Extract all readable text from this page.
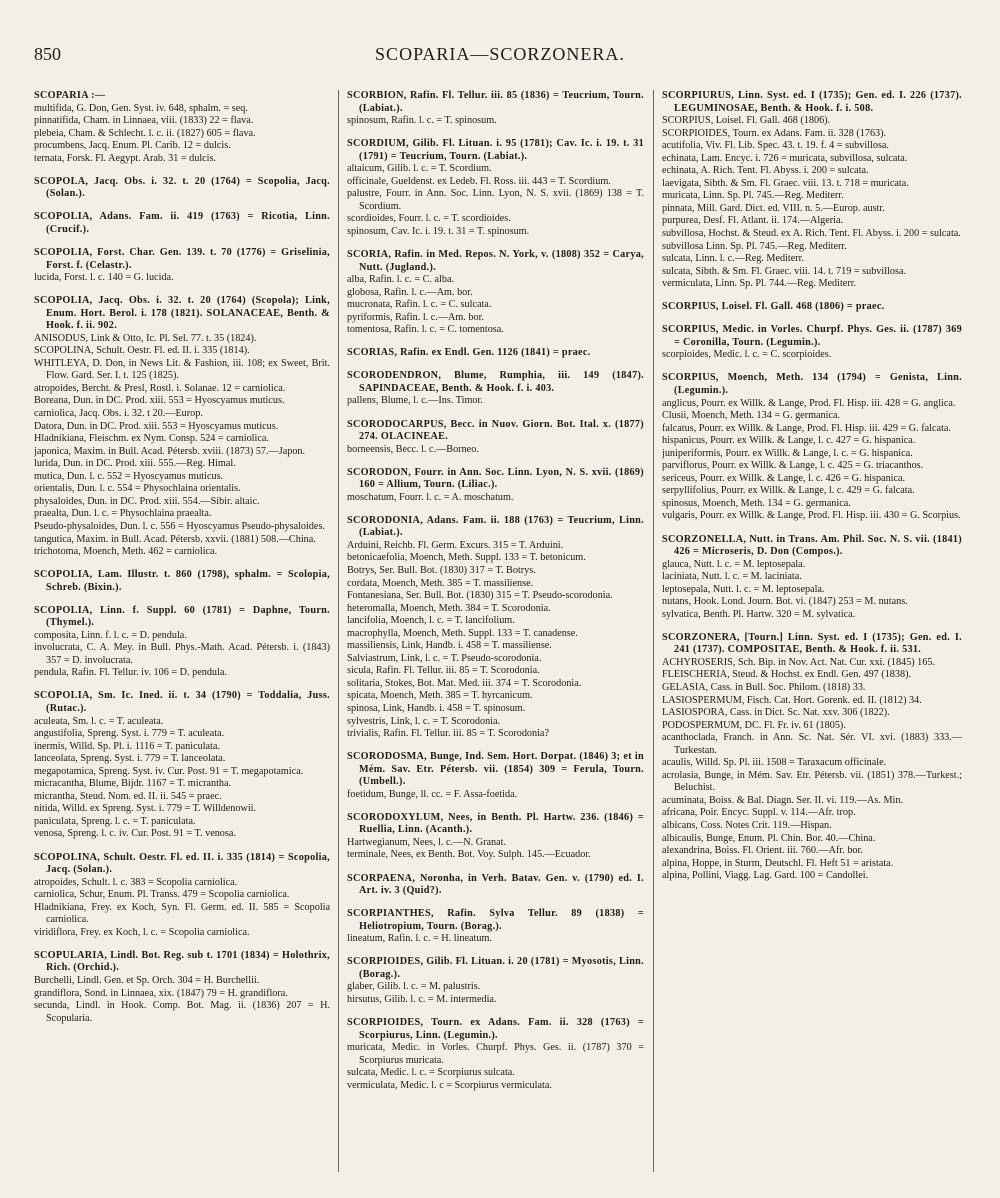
850	SCOPARIA—SCORZONERA.
SCOPARIA :—
multifida, G. Don, Gen. Syst. iv. 648, sphalm. = seq.
pinnatifida, Cham. in Linnaea, viii. (1833) 22 = flava.
plebeia, Cham. & Schlecht. l. c. ii. (1827) 605 = flava.
procumbens, Jacq. Enum. Pl. Carib. 12 = dulcis.
ternata, Forsk. Fl. Aegypt. Arab. 31 = dulcis.
SCOPOLA, Jacq. Obs. i. 32. t. 20 (1764) = Scopolia, Jacq. (Solan.).
SCOPOLIA, Adans. Fam. ii. 419 (1763) = Ricotia, Linn. (Crucif.).
SCOPOLIA, Forst. Char. Gen. 139. t. 70 (1776) = Griselinia, Forst. f. (Celastr.).
lucida, Forst. l. c. 140 = G. lucida.
SCOPOLIA, Jacq. Obs. i. 32. t. 20 (1764) (Scopola); Link, Enum. Hort. Berol. i. 178 (1821). SOLANACEAE, Benth. & Hook. f. ii. 902.
ANISODUS, Link & Otto, Ic. Pl. Sel. 77. t. 35 (1824).
SCOPOLINA, Schult. Oestr. Fl. ed. II. i. 335 (1814).
WHITLEYA, D. Don, in News Lit. & Fashion, iii. 108; ex Sweet, Brit. Flow. Gard. Ser. I. t. 125 (1825).
atropoides, Bercht. & Presl, Rostl. i. Solanae. 12 = carniolica.
Boreana, Dun. in DC. Prod. xiii. 553 = Hyoscyamus muticus.
carniolica, Jacq. Obs. i. 32. t 20.—Europ.
Datora, Dun. in DC. Prod. xiii. 553 = Hyoscyamus muticus.
Hladnikiana, Fleischm. ex Nym. Consp. 524 = carniolica.
japonica, Maxim. in Bull. Acad. Pétersb. xviii. (1873) 57.—Japon.
lurida, Dun. in DC. Prod. xiii. 555.—Reg. Himal.
mutica, Dun. l. c. 552 = Hyoscyamus muticus.
orientalis, Dun. l. c. 554 = Physochlaina orientalis.
physaloides, Dun. in DC. Prod. xiii. 554.—Sibir. altaic.
praealta, Dun. l. c. = Physochlaina praealta.
Pseudo-physaloides, Dun. l. c. 556 = Hyoscyamus Pseudo-physaloides.
tangutica, Maxim. in Bull. Acad. Pétersb. xxvii. (1881) 508.—China.
trichotoma, Moench, Meth. 462 = carniolica.
SCOPOLIA, Lam. Illustr. t. 860 (1798), sphalm. = Scolopia, Schreb. (Bixin.).
SCOPOLIA, Linn. f. Suppl. 60 (1781) = Daphne, Tourn. (Thymel.).
composita, Linn. f. l. c. = D. pendula.
involucrata, C. A. Mey. in Bull. Phys.-Math. Acad. Pétersb. i. (1843) 357 = D. involucrata.
pendula, Rafin. Fl. Tellur. iv. 106 = D. pendula.
SCOPOLIA, Sm. Ic. Ined. ii. t. 34 (1790) = Toddalia, Juss. (Rutac.).
aculeata, Sm. l. c. = T. aculeata.
angustifolia, Spreng. Syst. i. 779 = T. aculeata.
inermis, Willd. Sp. Pl. i. 1116 = T. paniculata.
lanceolata, Spreng. Syst. i. 779 = T. lanceolata.
megapotamica, Spreng. Syst. iv. Cur. Post. 91 = T. megapotamica.
micracantha, Blume, Bijdr. 1167 = T. micrantha.
micrantha, Steud. Nom. ed. II. ii. 545 = praec.
nitida, Willd. ex Spreng. Syst. i. 779 = T. Willdenowii.
paniculata, Spreng. l. c. = T. paniculata.
venosa, Spreng. l. c. iv. Cur. Post. 91 = T. venosa.
SCOPOLINA, Schult. Oestr. Fl. ed. II. i. 335 (1814) = Scopolia, Jacq. (Solan.).
atropoides, Schult. l. c. 383 = Scopolia carniolica.
carniolica, Schur, Enum. Pl. Transs. 479 = Scopolia carniolica.
Hladnikiana, Frey. ex Koch, Syn. Fl. Germ. ed. II. 585 = Scopolia carniolica.
viridiflora, Frey. ex Koch, l. c. = Scopolia carniolica.
SCOPULARIA, Lindl. Bot. Reg. sub t. 1701 (1834) = Holothrix, Rich. (Orchid.).
Burchelli, Lindl. Gen. et Sp. Orch. 304 = H. Burchellii.
grandiflora, Sond. in Linnaea, xix. (1847) 79 = H. grandiflora.
secunda, Lindl. in Hook. Comp. Bot. Mag. ii. (1836) 207 = H. Scopularia.
SCORBION, Rafin. Fl. Tellur. iii. 85 (1836) = Teucrium, Tourn. (Labiat.).
spinosum, Rafin. l. c. = T. spinosum.
SCORDIUM, Gilib. Fl. Lituan. i. 95 (1781); Cav. Ic. i. 19. t. 31 (1791) = Teucrium, Tourn. (Labiat.).
altaicum, Gilib. l. c. = T. Scordium.
officinale, Gueldenst. ex Ledeb. Fl. Ross. iii. 443 = T. Scordium.
palustre, Fourr. in Ann. Soc. Linn. Lyon, N. S. xvii. (1869) 138 = T. Scordium.
scordioides, Fourr. l. c. = T. scordioides.
spinosum, Cav. Ic. i. 19. t. 31 = T. spinosum.
SCORIA, Rafin. in Med. Repos. N. York, v. (1808) 352 = Carya, Nutt. (Jugland.).
alba, Rafin. l. c. = C. alba.
globosa, Rafin. l. c.—Am. bor.
mucronata, Rafin. l. c. = C. sulcata.
pyriformis, Rafin. l. c.—Am. bor.
tomentosa, Rafin. l. c. = C. tomentosa.
SCORIAS, Rafin. ex Endl. Gen. 1126 (1841) = praec.
SCORODENDRON, Blume, Rumphia, iii. 149 (1847). SAPINDACEAE, Benth. & Hook. f. i. 403.
pallens, Blume, l. c.—Ins. Timor.
SCORODOCARPUS, Becc. in Nuov. Giorn. Bot. Ital. x. (1877) 274. OLACINEAE.
borneensis, Becc. l. c.—Borneo.
SCORODON, Fourr. in Ann. Soc. Linn. Lyon, N. S. xvii. (1869) 160 = Allium, Tourn. (Liliac.).
moschatum, Fourr. l. c. = A. moschatum.
SCORODONIA, Adans. Fam. ii. 188 (1763) = Teucrium, Linn. (Labiat.).
Arduini, Reichb. Fl. Germ. Excurs. 315 = T. Arduini.
betonicaefolia, Moench, Meth. Suppl. 133 = T. betonicum.
Botrys, Ser. Bull. Bot. (1830) 317 = T. Botrys.
cordata, Moench, Meth. 385 = T. massiliense.
Fontanesiana, Ser. Bull. Bot. (1830) 315 = T. Pseudo-scorodonia.
heteromalla, Moench, Meth. 384 = T. Scorodonia.
lancifolia, Moench, l. c. = T. lancifolium.
macrophylla, Moench, Meth. Suppl. 133 = T. canadense.
massiliensis, Link, Handb. i. 458 = T. massiliense.
Salviastrum, Link, l. c. = T. Pseudo-scorodonia.
sicula, Rafin. Fl. Tellur. iii. 85 = T. Scorodonia.
solitaria, Stokes, Bot. Mat. Med. iii. 374 = T. Scorodonia.
spicata, Moench, Meth. 385 = T. hyrcanicum.
spinosa, Link, Handb. i. 458 = T. spinosum.
sylvestris, Link, l. c. = T. Scorodonia.
trivialis, Rafin. Fl. Tellur. iii. 85 = T. Scorodonia?
SCORODOSMA, Bunge, Ind. Sem. Hort. Dorpat. (1846) 3; et in Mém. Sav. Etr. Pétersb. vii. (1854) 309 = Ferula, Tourn. (Umbell.).
foetidum, Bunge, ll. cc. = F. Assa-foetida.
SCORODOXYLUM, Nees, in Benth. Pl. Hartw. 236. (1846) = Ruellia, Linn. (Acanth.).
Hartwegianum, Nees, l. c.—N. Granat.
terminale, Nees, ex Benth. Bot. Voy. Sulph. 145.—Ecuador.
SCORPAENA, Noronha, in Verh. Batav. Gen. v. (1790) ed. I. Art. iv. 3 (Quid?).
SCORPIANTHES, Rafin. Sylva Tellur. 89 (1838) = Heliotropium, Tourn. (Borag.).
lineatum, Rafin. l. c. = H. lineatum.
SCORPIOIDES, Gilib. Fl. Lituan. i. 20 (1781) = Myosotis, Linn. (Borag.).
glaber, Gilib. l. c. = M. palustris.
hirsutus, Gilib. l. c. = M. intermedia.
SCORPIOIDES, Tourn. ex Adans. Fam. ii. 328 (1763) = Scorpiurus, Linn. (Legumin.).
muricata, Medic. in Vorles. Churpf. Phys. Ges. ii. (1787) 370 = Scorpiurus muricata.
sulcata, Medic. l. c. = Scorpiurus sulcata.
vermiculata, Medic. l. c = Scorpiurus vermiculata.
SCORPIURUS, Linn. Syst. ed. I (1735); Gen. ed. I. 226 (1737). LEGUMINOSAE, Benth. & Hook. f. i. 508.
SCORPIUS, Loisel. Fl. Gall. 468 (1806).
SCORPIOIDES, Tourn. ex Adans. Fam. ii. 328 (1763).
acutifolia, Viv. Fl. Lib. Spec. 43. t. 19. f. 4 = subvillosa.
echinata, Lam. Encyc. i. 726 = muricata, subvillosa, sulcata.
echinata, A. Rich. Tent. Fl. Abyss. i. 200 = sulcata.
laevigata, Sibth. & Sm. Fl. Graec. viii. 13. t. 718 = muricata.
muricata, Linn. Sp. Pl. 745.—Reg. Mediterr.
pinnata, Mill. Gard. Dict. ed. VIII. n. 5.—Europ. austr.
purpurea, Desf. Fl. Atlant. ii. 174.—Algeria.
subvillosa, Hochst. & Steud. ex A. Rich. Tent. Fl. Abyss. i. 200 = sulcata.
subvillosa Linn. Sp. Pl. 745.—Reg. Mediterr.
sulcata, Linn. l. c.—Reg. Mediterr.
sulcata, Sibth. & Sm. Fl. Graec. viii. 14. t. 719 = subvillosa.
vermiculata, Linn. Sp. Pl. 744.—Reg. Mediterr.
SCORPIUS, Loisel. Fl. Gall. 468 (1806) = praec.
SCORPIUS, Medic. in Vorles. Churpf. Phys. Ges. ii. (1787) 369 = Coronilla, Tourn. (Legumin.).
scorpioides, Medic. l. c. = C. scorpioides.
SCORPIUS, Moench, Meth. 134 (1794) = Genista, Linn. (Legumin.).
anglicus, Pourr. ex Willk. & Lange, Prod. Fl. Hisp. iii. 428 = G. anglica.
Clusii, Moench, Meth. 134 = G. germanica.
falcatus, Pourr. ex Willk. & Lange, Prod. Fl. Hisp. iii. 429 = G. falcata.
hispanicus, Pourr. ex Willk. & Lange, l. c. 427 = G. hispanica.
juniperiformis, Pourr. ex Willk. & Lange, l. c. = G. hispanica.
parviflorus, Pourr. ex Willk. & Lange, l. c. 425 = G. triacanthos.
sericeus, Pourr. ex Willk. & Lange, l. c. 426 = G. hispanica.
serpyllifolius, Pourr. ex Willk. & Lange, l. c. 429 = G. falcata.
spinosus, Moench, Meth. 134 = G. germanica.
vulgaris, Pourr. ex Willk. & Lange, Prod. Fl. Hisp. iii. 430 = G. Scorpius.
SCORZONELLA, Nutt. in Trans. Am. Phil. Soc. N. S. vii. (1841) 426 = Microseris, D. Don (Compos.).
glauca, Nutt. l. c. = M. leptosepala.
laciniata, Nutt. l. c. = M. laciniata.
leptosepala, Nutt. l. c. = M. leptosepala.
nutans, Hook. Lond. Journ. Bot. vi. (1847) 253 = M. nutans.
sylvatica, Benth. Pl. Hartw. 320 = M. sylvatica.
SCORZONERA, [Tourn.] Linn. Syst. ed. I (1735); Gen. ed. I. 241 (1737). COMPOSITAE, Benth. & Hook. f. ii. 531.
ACHYROSERIS, Sch. Bip. in Nov. Act. Nat. Cur. xxi. (1845) 165.
FLEISCHERIA, Steud. & Hochst. ex Endl. Gen. 497 (1838).
GELASIA, Cass. in Bull. Soc. Philom. (1818) 33.
LASIOSPERMUM, Fisch. Cat. Hort. Gorenk. ed. II. (1812) 34.
LASIOSPORA, Cass. in Dict. Sc. Nat. xxv. 306 (1822).
PODOSPERMUM, DC. Fl. Fr. iv. 61 (1805).
acanthoclada, Franch. in Ann. Sc. Nat. Sér. VI. xvi. (1883) 333.—Turkestan.
acaulis, Willd. Sp. Pl. iii. 1508 = Taraxacum officinale.
acrolasia, Bunge, in Mém. Sav. Etr. Pétersb. vii. (1851) 378.—Turkest.; Beluchist.
acuminata, Boiss. & Bal. Diagn. Ser. II. vi. 119.—As. Min.
africana, Poir. Encyc. Suppl. v. 114.—Afr. trop.
albicans, Coss. Notes Crit. 119.—Hispan.
albicaulis, Bunge, Enum. Pl. Chin. Bor. 40.—China.
alexandrina, Boiss. Fl. Orient. iii. 760.—Afr. bor.
alpina, Hoppe, in Sturm, Deutschl. Fl. Heft 51 = aristata.
alpina, Pollini, Viagg. Lag. Gard. 100 = Candollei.
